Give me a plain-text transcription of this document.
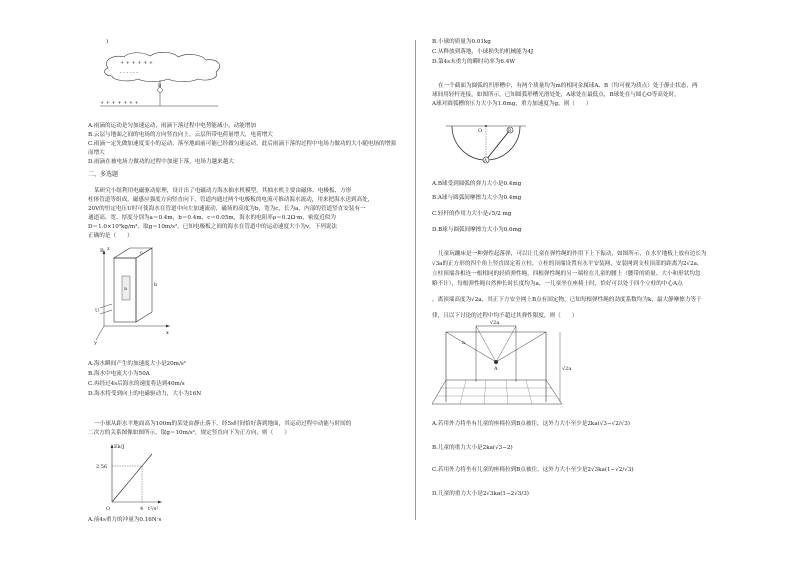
)
+ + + + + +
- - - - - -
B
+ + + + + + +
A.雨滴的运动是匀加速运动，雨滴下落过程中电势能减小，动能增加
B.云层与地面之间的电场的方向竖直向上，云层所带电荷量增大，电荷增大
C.雨滴一定先做加速度变小的运动，落至地面前可能已经做匀速运动，此后雨滴下落的过程中电场力做功的大小随电场的增强
而增大
D.雨滴在被电场力做功的过程中加速下落，电场力越来越大
二、多选题
某研究小组利用电磁驱动原理，设计出了电磁动力海水抽水机模型，其抽水机主要由磁体、电极板、方形
柱体管道等组成，磁感应强度方向竖直向下，管道内通过两个电极板的电流可推动海水流动，用来把海水送到高处，
20V的恒定电压U时可使海水在管道中向左加速流动，磁场的高度为b，宽为c，长为a，内部的管道竖直安装有一
通道高、宽、厚度分别为a＝0.4m，b＝0.4m，c＝0.05m，海水的电阻率ρ＝0.2Ω·m，密度近似为
D＝1.0×10³kg/m³，取g＝10m/s²，已知电极板之间的海水在管道中的运动速度大小为v，下列说法
正确的是（　　）
B
a
b
c
U
x
y
z
A.海水瞬间产生的加速度大小是20m/s²
B.海水中电流大小为50A
C.再经过4s后海水的速度将达到40m/s
D.海水将受到向上的电磁驱动力，大小为16N
一小球从距水平地面高为100m的某处由静止落下，经5s时间恰好落到地面，其运动过程中动能与时间的
二次方的关系图像如图所示，取g＝10m/s²，规定竖直向下为正方向，则（　　）
Ek/J
t²/s²
2.56
4
O
A.前4s重力的冲量为0.16N·s
B.小球的质量为0.01kg
C.从释放到落地，小球损失的机械能为4J
D.第4s末重力的瞬时功率为6.4W
在一个截面为圆弧的凹形槽中，有两个质量均为m的相同金属球A、B（均可视为质点）处于静止状态，两
球间用轻杆连接，如图所示，已知圆弧形槽光滑处处，A球处在最低点，B球处在与圆心O等高处时，
A球对圆弧槽的压力大小为1.6mg，重力加速度为g，则（　　）
O
A
B
A.B球受到圆弧的弹力大小是0.4mg
B.A球与圆弧间摩擦力大小为0.4mg
C.轻杆的作用力大小是√5/2 mg
D.B球与圆弧间摩擦力大小为0.6mg
儿童玩蹦床是一种弹性起落弹，可以让儿童在弹性绳的作用下上下振动，如图所示，在水平地板上放有边长为
√3a的正方形的四个角上竖直固定着立柱，立柱的顶端设置有水平安装网，安装网到支柱顶部的距离为2√2a，
立柱顶端各相连一根相同的轻质弹性绳，四根弹性绳的另一端栓在儿童的腰上（腰带的质量、大小和形状均忽
略不计），每根弹性绳自然伸长时长度均为a，一儿童坐在座椅上时，恰好可以处于四个立柱的中心A点
，离顶端高度为√2a，其正下方安全网上B点有固定物，已知每根弹性绳的劲度系数均为k，最大静摩擦力等于
律，且以下讨论的过程中均不超过其弹性限度，则（　　）
√2a
√2a
A
a
A.若用外力将坐有儿童的座椅拉到B点被住，这外力大小至少是2ka(√3−√2/√3)
B.儿童的重力大小是2ka(√3−2)
C.若用外力将坐有儿童的座椅拉到B点被住，这外力大小至少是2√3ka(1−√2/√3)
D.儿童的重力大小是2√3ka(1−2√3/3)
